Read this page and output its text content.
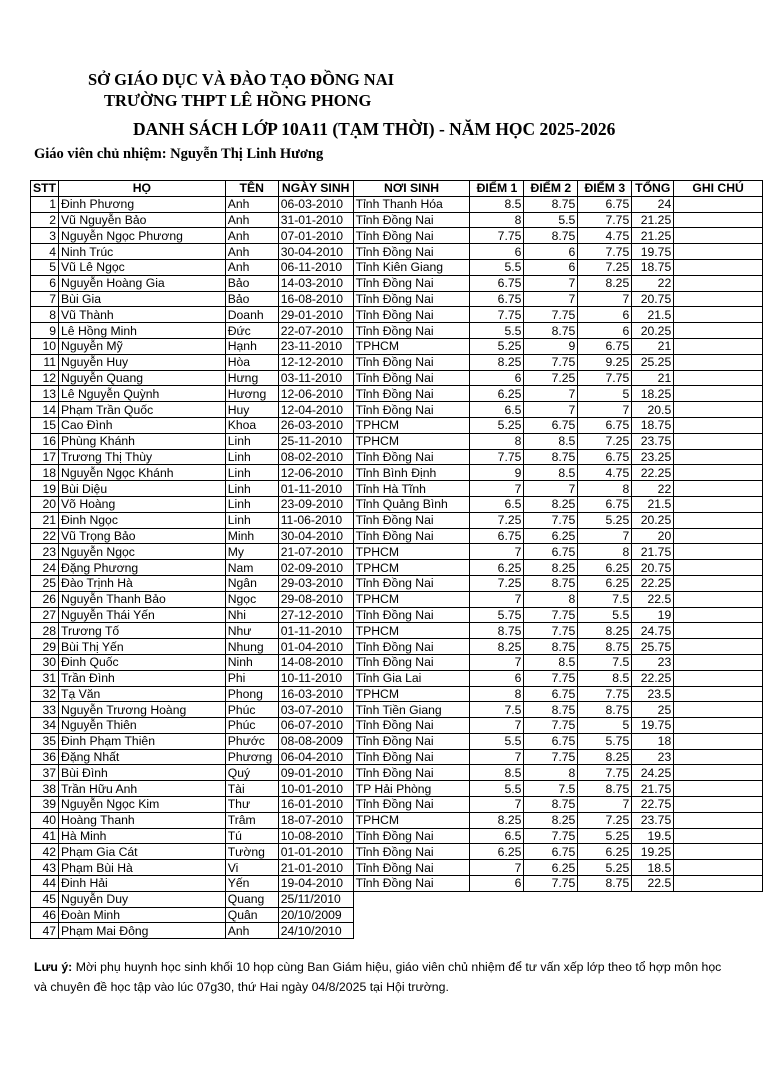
SỞ GIÁO DỤC VÀ ĐÀO TẠO ĐỒNG NAI
TRƯỜNG THPT LÊ HỒNG PHONG
DANH SÁCH LỚP 10A11 (TẠM THỜI) - NĂM HỌC 2025-2026
Giáo viên chủ nhiệm: Nguyễn Thị Linh Hương
STT	HỌ	TÊN	NGÀY SINH	NƠI SINH	ĐIỂM 1	ĐIỂM 2	ĐIỂM 3	TỔNG	GHI CHÚ
1	Đinh Phương	Anh	06-03-2010	Tỉnh Thanh Hóa	8.5	8.75	6.75	24	
2	Vũ Nguyễn Bảo	Anh	31-01-2010	Tỉnh Đồng Nai	8	5.5	7.75	21.25	
3	Nguyễn Ngọc Phương	Anh	07-01-2010	Tỉnh Đồng Nai	7.75	8.75	4.75	21.25	
4	Ninh Trúc	Anh	30-04-2010	Tỉnh Đồng Nai	6	6	7.75	19.75	
5	Vũ Lê Ngọc	Anh	06-11-2010	Tỉnh Kiên Giang	5.5	6	7.25	18.75	
6	Nguyễn Hoàng Gia	Bảo	14-03-2010	Tỉnh Đồng Nai	6.75	7	8.25	22	
7	Bùi Gia	Bảo	16-08-2010	Tỉnh Đồng Nai	6.75	7	7	20.75	
8	Vũ Thành	Doanh	29-01-2010	Tỉnh Đồng Nai	7.75	7.75	6	21.5	
9	Lê Hồng Minh	Đức	22-07-2010	Tỉnh Đồng Nai	5.5	8.75	6	20.25	
10	Nguyễn Mỹ	Hạnh	23-11-2010	TPHCM	5.25	9	6.75	21	
11	Nguyễn Huy	Hòa	12-12-2010	Tỉnh Đồng Nai	8.25	7.75	9.25	25.25	
12	Nguyễn Quang	Hưng	03-11-2010	Tỉnh Đồng Nai	6	7.25	7.75	21	
13	Lê Nguyễn Quỳnh	Hương	12-06-2010	Tỉnh Đồng Nai	6.25	7	5	18.25	
14	Phạm Trần Quốc	Huy	12-04-2010	Tỉnh Đồng Nai	6.5	7	7	20.5	
15	Cao Đình	Khoa	26-03-2010	TPHCM	5.25	6.75	6.75	18.75	
16	Phùng Khánh	Linh	25-11-2010	TPHCM	8	8.5	7.25	23.75	
17	Trương Thị Thùy	Linh	08-02-2010	Tỉnh Đồng Nai	7.75	8.75	6.75	23.25	
18	Nguyễn Ngọc Khánh	Linh	12-06-2010	Tỉnh Bình Định	9	8.5	4.75	22.25	
19	Bùi Diệu	Linh	01-11-2010	Tỉnh Hà Tĩnh	7	7	8	22	
20	Võ Hoàng	Linh	23-09-2010	Tỉnh Quảng Bình	6.5	8.25	6.75	21.5	
21	Đinh Ngọc	Linh	11-06-2010	Tỉnh Đồng Nai	7.25	7.75	5.25	20.25	
22	Vũ Trọng Bảo	Minh	30-04-2010	Tỉnh Đồng Nai	6.75	6.25	7	20	
23	Nguyễn Ngọc	My	21-07-2010	TPHCM	7	6.75	8	21.75	
24	Đặng Phương	Nam	02-09-2010	TPHCM	6.25	8.25	6.25	20.75	
25	Đào Trịnh Hà	Ngân	29-03-2010	Tỉnh Đồng Nai	7.25	8.75	6.25	22.25	
26	Nguyễn Thanh Bảo	Ngọc	29-08-2010	TPHCM	7	8	7.5	22.5	
27	Nguyễn Thái Yến	Nhi	27-12-2010	Tỉnh Đồng Nai	5.75	7.75	5.5	19	
28	Trương Tố	Như	01-11-2010	TPHCM	8.75	7.75	8.25	24.75	
29	Bùi Thị Yến	Nhung	01-04-2010	Tỉnh Đồng Nai	8.25	8.75	8.75	25.75	
30	Đinh Quốc	Ninh	14-08-2010	Tỉnh Đồng Nai	7	8.5	7.5	23	
31	Trần Đình	Phi	10-11-2010	Tỉnh Gia Lai	6	7.75	8.5	22.25	
32	Tạ Văn	Phong	16-03-2010	TPHCM	8	6.75	7.75	23.5	
33	Nguyễn Trương Hoàng	Phúc	03-07-2010	Tỉnh Tiền Giang	7.5	8.75	8.75	25	
34	Nguyễn Thiên	Phúc	06-07-2010	Tỉnh Đồng Nai	7	7.75	5	19.75	
35	Đinh Phạm Thiên	Phước	08-08-2009	Tỉnh Đồng Nai	5.5	6.75	5.75	18	
36	Đặng Nhất	Phương	06-04-2010	Tỉnh Đồng Nai	7	7.75	8.25	23	
37	Bùi Đình	Quý	09-01-2010	Tỉnh Đồng Nai	8.5	8	7.75	24.25	
38	Trần Hữu Anh	Tài	10-01-2010	TP Hải Phòng	5.5	7.5	8.75	21.75	
39	Nguyễn Ngọc Kim	Thư	16-01-2010	Tỉnh Đồng Nai	7	8.75	7	22.75	
40	Hoàng Thanh	Trâm	18-07-2010	TPHCM	8.25	8.25	7.25	23.75	
41	Hà Minh	Tú	10-08-2010	Tỉnh Đồng Nai	6.5	7.75	5.25	19.5	
42	Phạm Gia Cát	Tường	01-01-2010	Tỉnh Đồng Nai	6.25	6.75	6.25	19.25	
43	Phạm Bùi Hà	Vi	21-01-2010	Tỉnh Đồng Nai	7	6.25	5.25	18.5	
44	Đinh Hải	Yến	19-04-2010	Tỉnh Đồng Nai	6	7.75	8.75	22.5	
45	Nguyễn Duy	Quang	25/11/2010						
46	Đoàn Minh	Quân	20/10/2009						
47	Phạm Mai Đông	Anh	24/10/2010						
Lưu ý: Mời phụ huynh học sinh khối 10 họp cùng Ban Giám hiệu, giáo viên chủ nhiệm để tư vấn xếp lớp theo tổ hợp môn học và chuyên đề học tập vào lúc 07g30, thứ Hai ngày 04/8/2025 tại Hội trường.
